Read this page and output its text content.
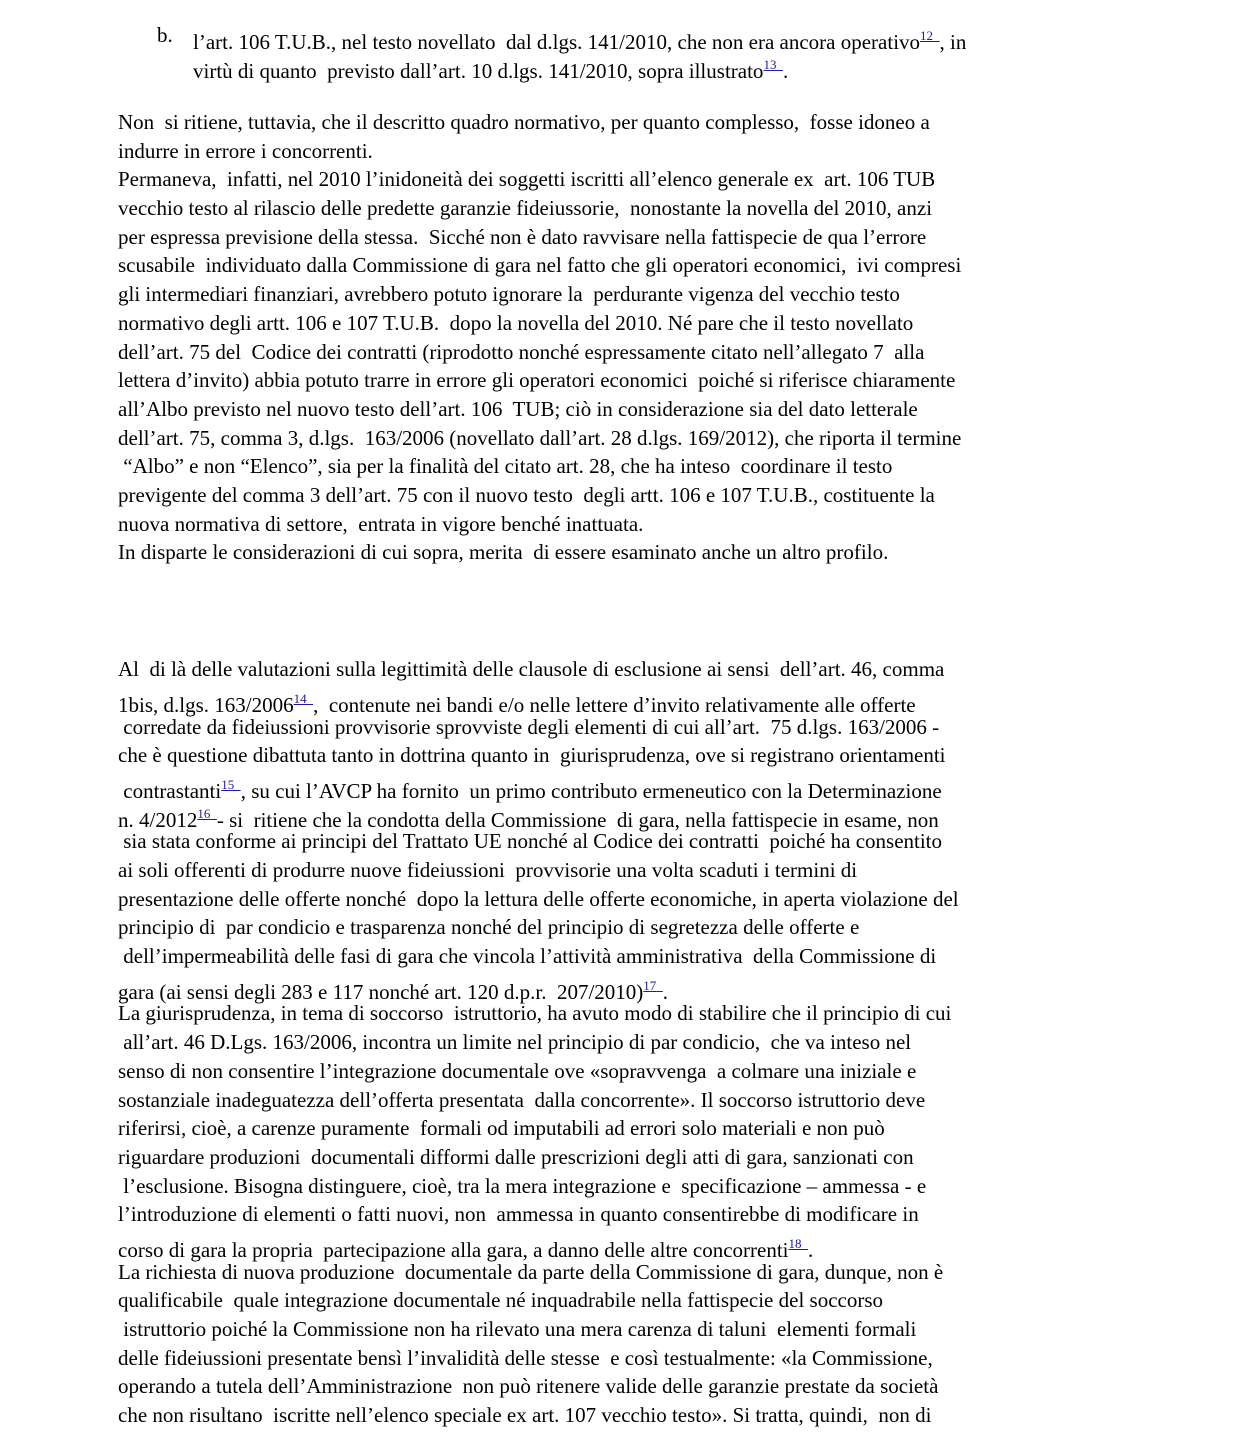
b. l’art. 106 T.U.B., nel testo novellato  dal d.lgs. 141/2010, che non era ancora operativo$^{12}$ , in
virtù di quanto  previsto dall’art. 10 d.lgs. 141/2010, sopra illustrato$^{13}$ .
Non  si ritiene, tuttavia, che il descritto quadro normativo, per quanto complesso,  fosse idoneo a
indurre in errore i concorrenti.
Permaneva,  infatti, nel 2010 l’inidoneità dei soggetti iscritti all’elenco generale ex  art. 106 TUB
vecchio testo al rilascio delle predette garanzie fideiussorie,  nonostante la novella del 2010, anzi
per espressa previsione della stessa.  Sicché non è dato ravvisare nella fattispecie de qua l’errore
scusabile  individuato dalla Commissione di gara nel fatto che gli operatori economici,  ivi compresi
gli intermediari finanziari, avrebbero potuto ignorare la  perdurante vigenza del vecchio testo
normativo degli artt. 106 e 107 T.U.B.  dopo la novella del 2010. Né pare che il testo novellato
dell’art. 75 del  Codice dei contratti (riprodotto nonché espressamente citato nell’allegato 7  alla
lettera d’invito) abbia potuto trarre in errore gli operatori economici  poiché si riferisce chiaramente
all’Albo previsto nel nuovo testo dell’art. 106  TUB; ciò in considerazione sia del dato letterale
dell’art. 75, comma 3, d.lgs.  163/2006 (novellato dall’art. 28 d.lgs. 169/2012), che riporta il termine
“Albo” e non “Elenco”, sia per la finalità del citato art. 28, che ha inteso  coordinare il testo
previgente del comma 3 dell’art. 75 con il nuovo testo  degli artt. 106 e 107 T.U.B., costituente la
nuova normativa di settore,  entrata in vigore benché inattuata.
In disparte le considerazioni di cui sopra, merita  di essere esaminato anche un altro profilo.
Al  di là delle valutazioni sulla legittimità delle clausole di esclusione ai sensi  dell’art. 46, comma
1bis, d.lgs. 163/2006$^{14}$ ,  contenute nei bandi e/o nelle lettere d’invito relativamente alle offerte
corredate da fideiussioni provvisorie sprovviste degli elementi di cui all’art.  75 d.lgs. 163/2006 -
che è questione dibattuta tanto in dottrina quanto in  giurisprudenza, ove si registrano orientamenti
contrastanti$^{15}$ , su cui l’AVCP ha fornito  un primo contributo ermeneutico con la Determinazione
n. 4/2012$^{16}$ - si  ritiene che la condotta della Commissione  di gara, nella fattispecie in esame, non
sia stata conforme ai principi del Trattato UE nonché al Codice dei contratti  poiché ha consentito
ai soli offerenti di produrre nuove fideiussioni  provvisorie una volta scaduti i termini di
presentazione delle offerte nonché  dopo la lettura delle offerte economiche, in aperta violazione del
principio di  par condicio e trasparenza nonché del principio di segretezza delle offerte e
dell’impermeabilità delle fasi di gara che vincola l’attività amministrativa  della Commissione di
gara (ai sensi degli 283 e 117 nonché art. 120 d.p.r.  207/2010)$^{17}$ .
La giurisprudenza, in tema di soccorso  istruttorio, ha avuto modo di stabilire che il principio di cui
all’art. 46 D.Lgs. 163/2006, incontra un limite nel principio di par condicio,  che va inteso nel
senso di non consentire l’integrazione documentale ove «sopravvenga  a colmare una iniziale e
sostanziale inadeguatezza dell’offerta presentata  dalla concorrente». Il soccorso istruttorio deve
riferirsi, cioè, a carenze puramente  formali od imputabili ad errori solo materiali e non può
riguardare produzioni  documentali difformi dalle prescrizioni degli atti di gara, sanzionati con
l’esclusione. Bisogna distinguere, cioè, tra la mera integrazione e  specificazione – ammessa - e
l’introduzione di elementi o fatti nuovi, non  ammessa in quanto consentirebbe di modificare in
corso di gara la propria  partecipazione alla gara, a danno delle altre concorrenti$^{18}$ .
La richiesta di nuova produzione  documentale da parte della Commissione di gara, dunque, non è
qualificabile  quale integrazione documentale né inquadrabile nella fattispecie del soccorso
istruttorio poiché la Commissione non ha rilevato una mera carenza di taluni  elementi formali
delle fideiussioni presentate bensì l’invalidità delle stesse  e così testualmente: «la Commissione,
operando a tutela dell’Amministrazione  non può ritenere valide delle garanzie prestate da società
che non risultano  iscritte nell’elenco speciale ex art. 107 vecchio testo». Si tratta, quindi,  non di
